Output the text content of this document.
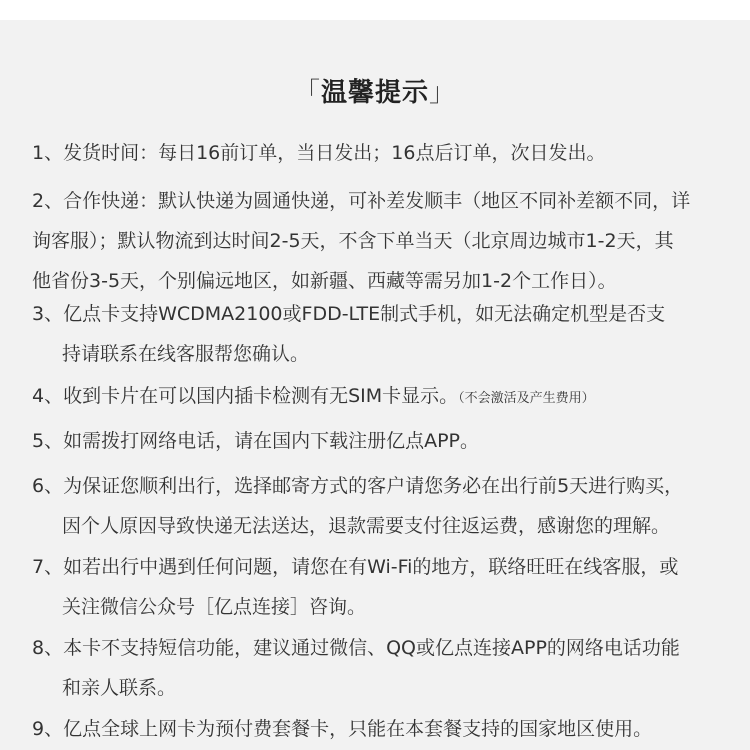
「温馨提示」
1、发货时间：每日16前订单，当日发出；16点后订单，次日发出。
2、合作快递：默认快递为圆通快递，可补差发顺丰（地区不同补差额不同，详
询客服）；默认物流到达时间2-5天，不含下单当天（北京周边城市1-2天，其
他省份3-5天，个别偏远地区，如新疆、西藏等需另加1-2个工作日）。
3、亿点卡支持WCDMA2100或FDD-LTE制式手机，如无法确定机型是否支
持请联系在线客服帮您确认。
4、收到卡片在可以国内插卡检测有无SIM卡显示。（不会激活及产生费用）
5、如需拨打网络电话，请在国内下载注册亿点APP。
6、为保证您顺利出行，选择邮寄方式的客户请您务必在出行前5天进行购买，
因个人原因导致快递无法送达，退款需要支付往返运费，感谢您的理解。
7、如若出行中遇到任何问题，请您在有Wi-Fi的地方，联络旺旺在线客服，或
关注微信公众号［亿点连接］咨询。
8、本卡不支持短信功能，建议通过微信、QQ或亿点连接APP的网络电话功能
和亲人联系。
9、亿点全球上网卡为预付费套餐卡，只能在本套餐支持的国家地区使用。
